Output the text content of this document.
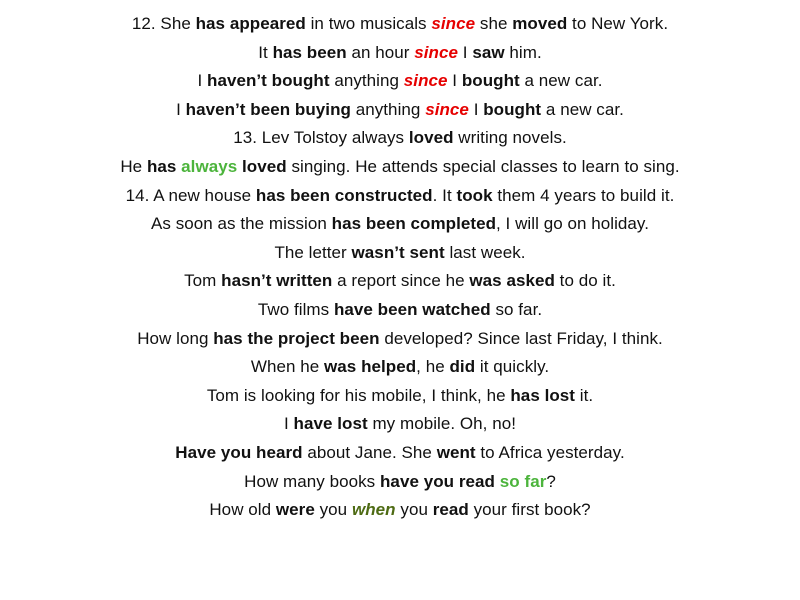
12. She has appeared in two musicals since she moved to New York.
It has been an hour since I saw him.
I haven’t bought anything since I bought a new car.
I haven’t been buying anything since I bought a new car.
13. Lev Tolstoy always loved writing novels.
He has always loved singing. He attends special classes to learn to sing.
14. A new house has been constructed. It took them 4 years to build it.
As soon as the mission has been completed, I will go on holiday.
The letter wasn’t sent last week.
Tom hasn’t written a report since he was asked to do it.
Two films have been watched so far.
How long has the project been developed? Since last Friday, I think.
When he was helped, he did it quickly.
Tom is looking for his mobile, I think, he has lost it.
I have lost my mobile. Oh, no!
Have you heard about Jane. She went to Africa yesterday.
How many books have you read so far?
How old were you when you read your first book?
